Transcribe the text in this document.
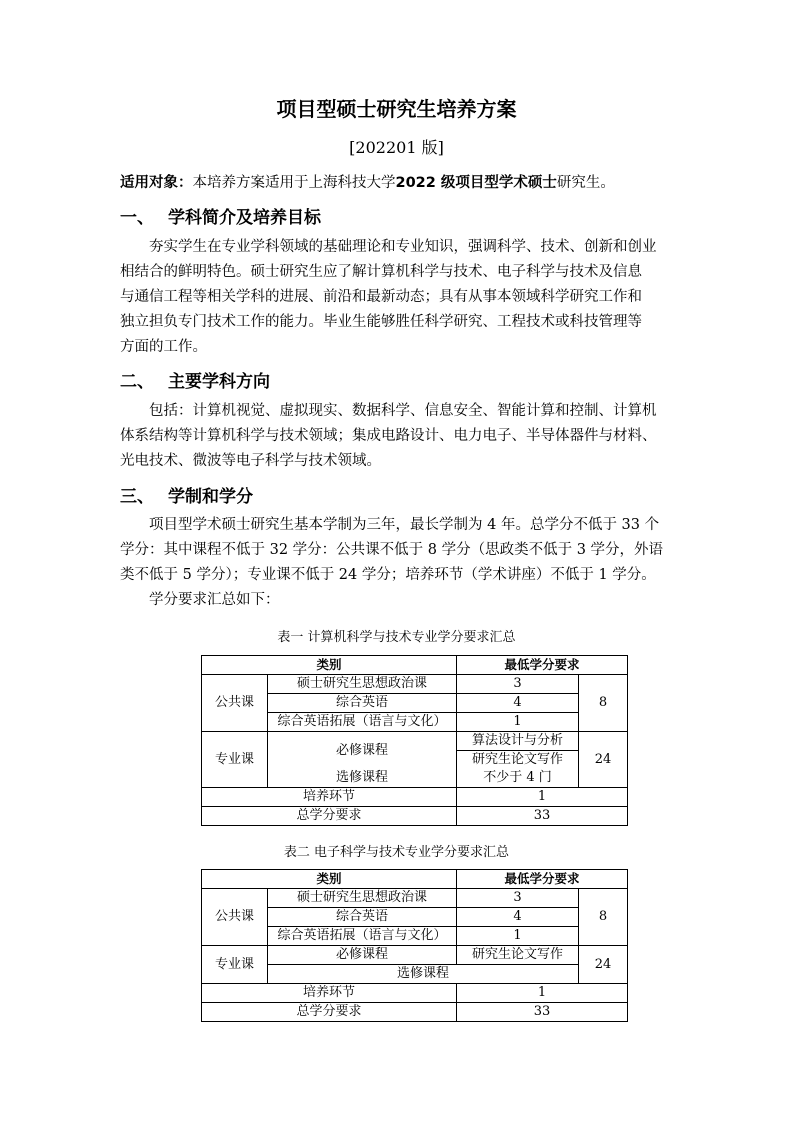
项目型硕士研究生培养方案
[202201 版]
适用对象：本培养方案适用于上海科技大学2022 级项目型学术硕士研究生。
一、 学科简介及培养目标
　　夯实学生在专业学科领域的基础理论和专业知识，强调科学、技术、创新和创业
相结合的鲜明特色。硕士研究生应了解计算机科学与技术、电子科学与技术及信息
与通信工程等相关学科的进展、前沿和最新动态；具有从事本领域科学研究工作和
独立担负专门技术工作的能力。毕业生能够胜任科学研究、工程技术或科技管理等
方面的工作。
二、 主要学科方向
　　包括：计算机视觉、虚拟现实、数据科学、信息安全、智能计算和控制、计算机
体系结构等计算机科学与技术领域；集成电路设计、电力电子、半导体器件与材料、
光电技术、微波等电子科学与技术领域。
三、 学制和学分
　　项目型学术硕士研究生基本学制为三年，最长学制为 4 年。总学分不低于 33 个
学分：其中课程不低于 32 学分：公共课不低于 8 学分（思政类不低于 3 学分，外语
类不低于 5 学分）；专业课不低于 24 学分；培养环节（学术讲座）不低于 1 学分。
　　学分要求汇总如下：
表一 计算机科学与技术专业学分要求汇总
类别		最低学分要求	
公共课	硕士研究生思想政治课	3	8
	综合英语	4	
	综合英语拓展（语言与文化）	1	
专业课	必修课程	算法设计与分析	24
		研究生论文写作	
	选修课程	不少于 4 门	
培养环节		1	
总学分要求		33	
表二 电子科学与技术专业学分要求汇总
类别		最低学分要求	
公共课	硕士研究生思想政治课	3	8
	综合英语	4	
	综合英语拓展（语言与文化）	1	
专业课	必修课程	研究生论文写作	24
	选修课程		
培养环节		1	
总学分要求		33	
